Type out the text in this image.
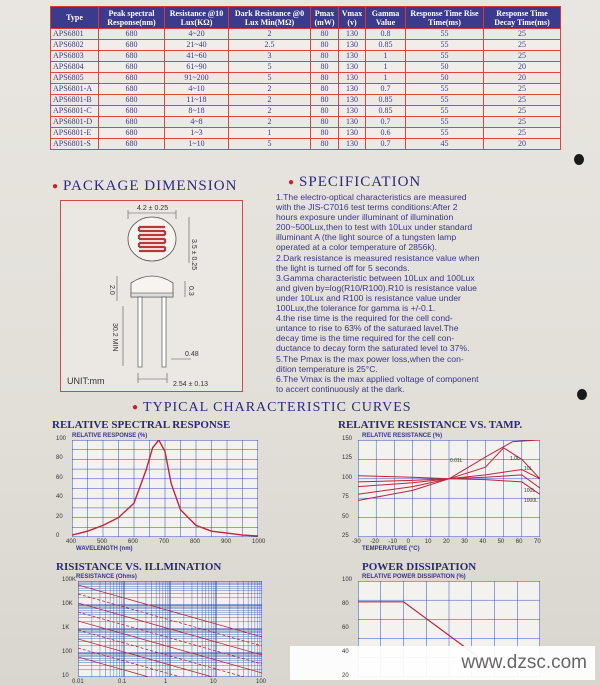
Type	Peak spectral Response(nm)	Resistance @10 Lux(KΩ)	Dark Resistance @0 Lux Min(MΩ)	Pmax (mW)	Vmax (v)	Gamma Value	Response Time Rise Time(ms)	Response Time Decay Time(ms)
APS6801	680	4~20	2	80	130	0.8	55	25
APS6802	680	21~40	2.5	80	130	0.85	55	25
APS6803	680	41~60	3	80	130	1	55	25
APS6804	680	61~90	5	80	130	1	50	20
APS6805	680	91~200	5	80	130	1	50	20
APS6801-A	680	4~10	2	80	130	0.7	55	25
APS6801-B	680	11~18	2	80	130	0.85	55	25
APS6801-C	680	8~18	2	80	130	0.85	55	25
APS6801-D	680	4~8	2	80	130	0.7	55	25
APS6801-E	680	1~3	1	80	130	0.6	55	25
APS6801-S	680	1~10	5	80	130	0.7	45	20
● PACKAGE DIMENSION
4.2 ± 0.25
3.5 ± 0.25
2.0	0.3
30.2 MIN
0.48
2.54 ± 0.13
UNIT:mm
● SPECIFICATION

1.The electro-optical characteristics are measured

with the JIS-C7016 test terms conditions:After 2

hours exposure under illuminant of illumination

200~500Lux,then to test with 10Lux under standard

illuminant A (the light source of a tungsten lamp

operated at a color temperature of 2856k).

2.Dark resistance is measured resistance value when

the light is turned off for 5 seconds.

3.Gamma characteristic between 10Lux and 100Lux

and given by=log(R10/R100).R10 is resistance value

under 10Lux and R100 is resistance value under

100Lux,the tolerance for gamma is +/-0.1.

4.the rise time is the required for the cell cond-

untance to rise to 63% of the saturaed lavel.The

decay time is the time required for the cell con-

ductance to decay form the saturated level to 37%.

5.The Pmax is the max power loss,when the con-

dition temperature is 25°C.

6.The Vmax is the max applied voltage of component

to accert continuously at the dark.

● TYPICAL CHARACTERISTIC CURVES
RELATIVE SPECTRAL RESPONSE
RELATIVE RESPONSE (%)
WAVELENGTH (nm)
RELATIVE RESISTANCE VS. TAMP.
RELATIVE RESISTANCE (%)
0.01L	1.0L
10L
100L
1000L
TEMPERATURE (°C)
RISISTANCE VS. ILLMINATION
RESISTANCE (Ohms)
POWER DISSIPATION
RELATIVE POWER DISSIPATION (%)
www.dzsc.com
400	500	600	700	800	900	1000
0
20
40
60
80
100
-30 -20 -10 0 10 20 30 40 50 60 70
25
50
75
100
125
150
0.01	0.1	1	10	100
10
100
1K
10K
100K
20
40
60
80
100
